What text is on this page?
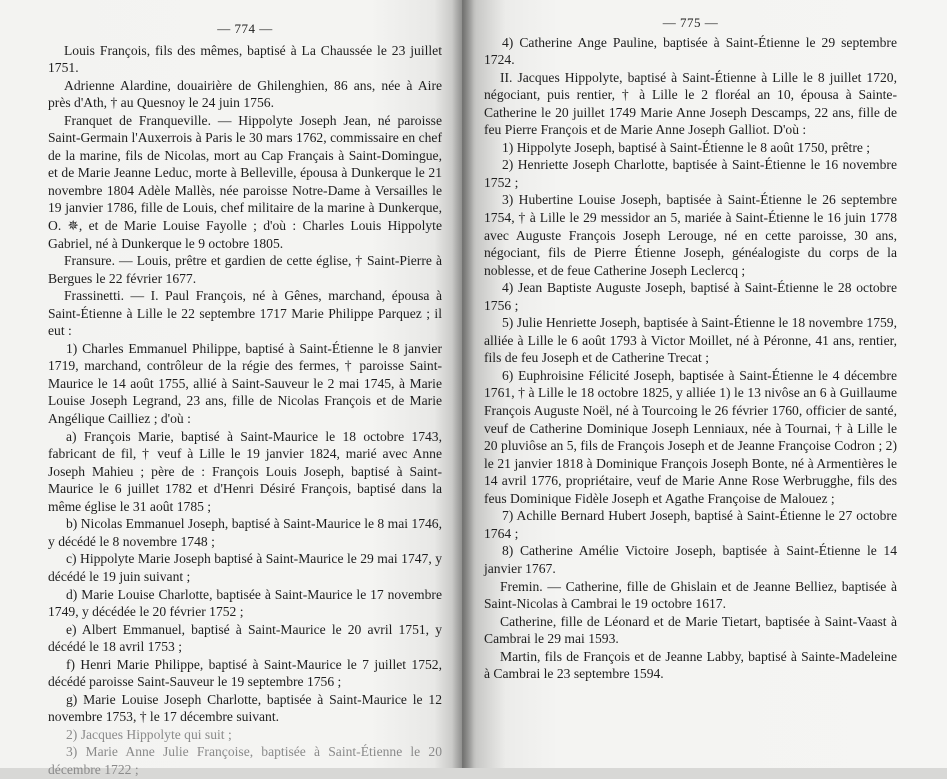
— 774 —

Louis François, fils des mêmes, baptisé à La Chaussée le 23 juillet 1751.

Adrienne Alardine, douairière de Ghilenghien, 86 ans, née à Aire près d'Ath, † au Quesnoy le 24 juin 1756.

Franquet de Franqueville. — Hippolyte Joseph Jean, né paroisse Saint-Germain l'Auxerrois à Paris le 30 mars 1762, commissaire en chef de la marine, fils de Nicolas, mort au Cap Français à Saint-Domingue, et de Marie Jeanne Leduc, morte à Belleville, épousa à Dunkerque le 21 novembre 1804 Adèle Mallès, née paroisse Notre-Dame à Versailles le 19 janvier 1786, fille de Louis, chef militaire de la marine à Dunkerque, O. ✵, et de Marie Louise Fayolle ; d'où : Charles Louis Hippolyte Gabriel, né à Dunkerque le 9 octobre 1805.

Fransure. — Louis, prêtre et gardien de cette église, † Saint-Pierre à Bergues le 22 février 1677.

Frassinetti. — I. Paul François, né à Gênes, marchand, épousa à Saint-Étienne à Lille le 22 septembre 1717 Marie Philippe Parquez ; il eut :

1) Charles Emmanuel Philippe, baptisé à Saint-Étienne le 8 janvier 1719, marchand, contrôleur de la régie des fermes, † paroisse Saint-Maurice le 14 août 1755, allié à Saint-Sauveur le 2 mai 1745, à Marie Louise Joseph Legrand, 23 ans, fille de Nicolas François et de Marie Angélique Cailliez ; d'où :

a) François Marie, baptisé à Saint-Maurice le 18 octobre 1743, fabricant de fil, † veuf à Lille le 19 janvier 1824, marié avec Anne Joseph Mahieu ; père de : François Louis Joseph, baptisé à Saint-Maurice le 6 juillet 1782 et d'Henri Désiré François, baptisé dans la même église le 31 août 1785 ;

b) Nicolas Emmanuel Joseph, baptisé à Saint-Maurice le 8 mai 1746, y décédé le 8 novembre 1748 ;

c) Hippolyte Marie Joseph baptisé à Saint-Maurice le 29 mai 1747, y décédé le 19 juin suivant ;

d) Marie Louise Charlotte, baptisée à Saint-Maurice le 17 novembre 1749, y décédée le 20 février 1752 ;

e) Albert Emmanuel, baptisé à Saint-Maurice le 20 avril 1751, y décédé le 18 avril 1753 ;

f) Henri Marie Philippe, baptisé à Saint-Maurice le 7 juillet 1752, décédé paroisse Saint-Sauveur le 19 septembre 1756 ;

g) Marie Louise Joseph Charlotte, baptisée à Saint-Maurice le 12 novembre 1753, † le 17 décembre suivant.

2) Jacques Hippolyte qui suit ;

3) Marie Anne Julie Françoise, baptisée à Saint-Étienne le 20 décembre 1722 ;

— 775 —

4) Catherine Ange Pauline, baptisée à Saint-Étienne le 29 septembre 1724.

II. Jacques Hippolyte, baptisé à Saint-Étienne à Lille le 8 juillet 1720, négociant, puis rentier, † à Lille le 2 floréal an 10, épousa à Sainte-Catherine le 20 juillet 1749 Marie Anne Joseph Descamps, 22 ans, fille de feu Pierre François et de Marie Anne Joseph Galliot. D'où :

1) Hippolyte Joseph, baptisé à Saint-Étienne le 8 août 1750, prêtre ;

2) Henriette Joseph Charlotte, baptisée à Saint-Étienne le 16 novembre 1752 ;

3) Hubertine Louise Joseph, baptisée à Saint-Étienne le 26 septembre 1754, † à Lille le 29 messidor an 5, mariée à Saint-Étienne le 16 juin 1778 avec Auguste François Joseph Lerouge, né en cette paroisse, 30 ans, négociant, fils de Pierre Étienne Joseph, généalogiste du corps de la noblesse, et de feue Catherine Joseph Leclercq ;

4) Jean Baptiste Auguste Joseph, baptisé à Saint-Étienne le 28 octobre 1756 ;

5) Julie Henriette Joseph, baptisée à Saint-Étienne le 18 novembre 1759, alliée à Lille le 6 août 1793 à Victor Moillet, né à Péronne, 41 ans, rentier, fils de feu Joseph et de Catherine Trecat ;

6) Euphroisine Félicité Joseph, baptisée à Saint-Étienne le 4 décembre 1761, † à Lille le 18 octobre 1825, y alliée 1) le 13 nivôse an 6 à Guillaume François Auguste Noël, né à Tourcoing le 26 février 1760, officier de santé, veuf de Catherine Dominique Joseph Lenniaux, née à Tournai, † à Lille le 20 pluviôse an 5, fils de François Joseph et de Jeanne Françoise Codron ; 2) le 21 janvier 1818 à Dominique François Joseph Bonte, né à Armentières le 14 avril 1776, propriétaire, veuf de Marie Anne Rose Werbrugghe, fils des feus Dominique Fidèle Joseph et Agathe Françoise de Malouez ;

7) Achille Bernard Hubert Joseph, baptisé à Saint-Étienne le 27 octobre 1764 ;

8) Catherine Amélie Victoire Joseph, baptisée à Saint-Étienne le 14 janvier 1767.

Fremin. — Catherine, fille de Ghislain et de Jeanne Belliez, baptisée à Saint-Nicolas à Cambrai le 19 octobre 1617.

Catherine, fille de Léonard et de Marie Tietart, baptisée à Saint-Vaast à Cambrai le 29 mai 1593.

Martin, fils de François et de Jeanne Labby, baptisé à Sainte-Madeleine à Cambrai le 23 septembre 1594.
